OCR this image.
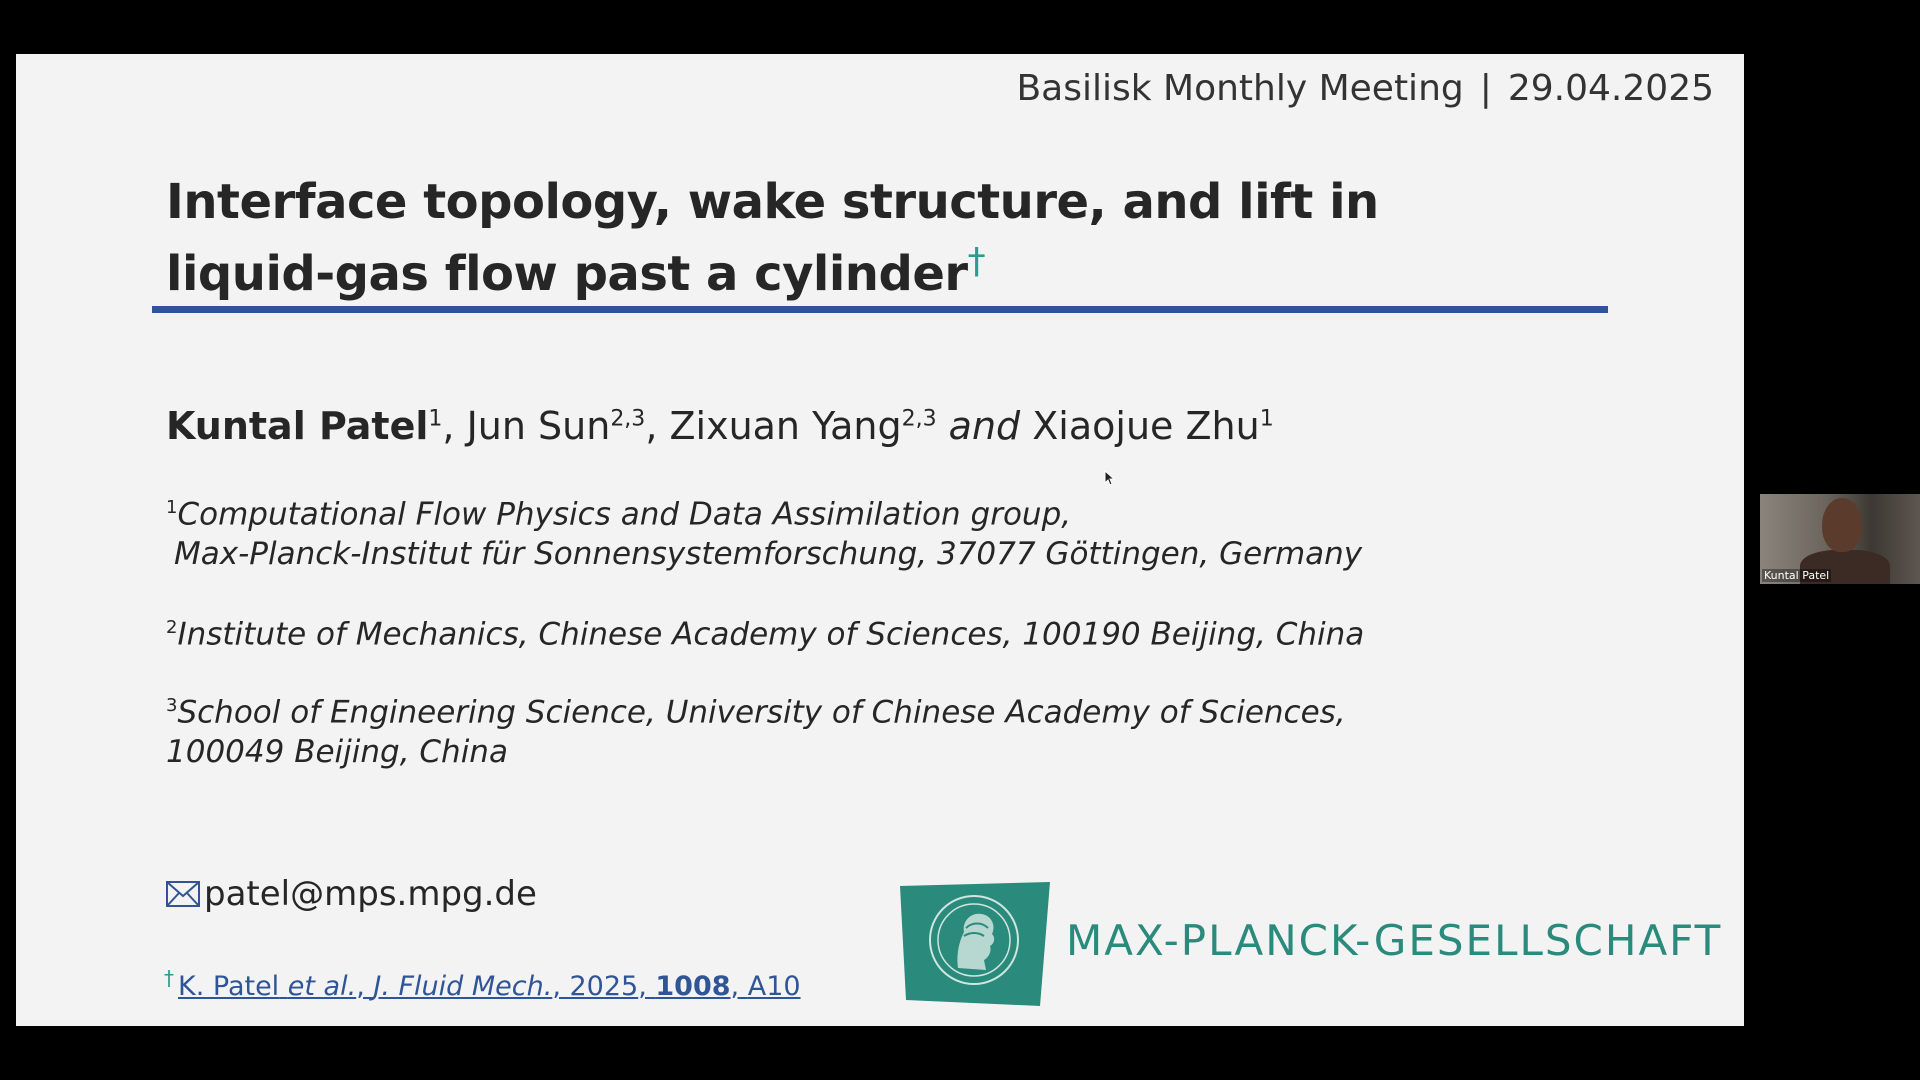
Basilisk Monthly Meeting | 29.04.2025
Interface topology, wake structure, and lift in
liquid-gas flow past a cylinder†
Kuntal Patel$^1$, Jun Sun$^{2,3}$, Zixuan Yang$^{2,3}$ and Xiaojue Zhu$^1$
$^1$Computational Flow Physics and Data Assimilation group,
Max-Planck-Institut für Sonnensystemforschung, 37077 Göttingen, Germany
$^2$Institute of Mechanics, Chinese Academy of Sciences, 100190 Beijing, China
$^3$School of Engineering Science, University of Chinese Academy of Sciences,
100049 Beijing, China
patel@mps.mpg.de
† K. Patel et al., J. Fluid Mech., 2025, 1008, A10
MAX-PLANCK-GESELLSCHAFT
Kuntal Patel
